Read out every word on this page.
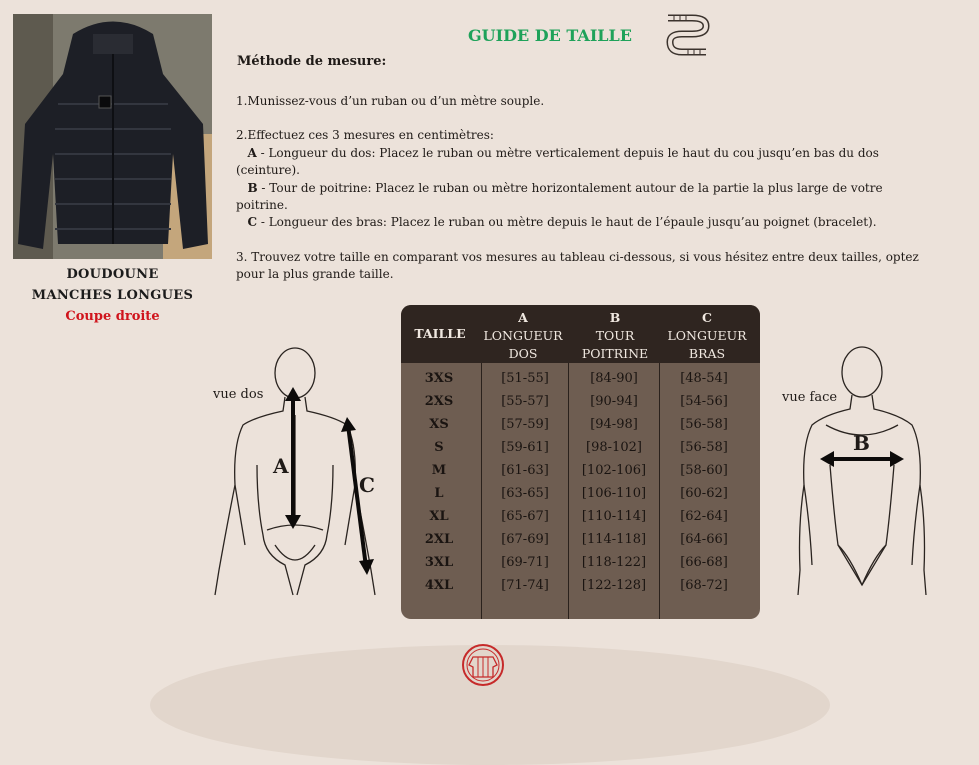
DOUDOUNE
MANCHES LONGUES
Coupe droite
GUIDE DE TAILLE
Méthode de mesure:
1.Munissez-vous d’un ruban ou d’un mètre souple.
2.Effectuez ces 3 mesures en centimètres:
A - Longueur du dos: Placez le ruban ou mètre verticalement depuis le haut du cou jusqu’en bas du dos
(ceinture).
B - Tour de poitrine: Placez le ruban ou mètre horizontalement autour de la partie la plus large de votre
poitrine.
C - Longueur des bras: Placez le ruban ou mètre depuis le haut de l’épaule jusqu’au poignet (bracelet).
3. Trouvez votre taille en comparant vos mesures au tableau ci-dessous, si vous hésitez entre deux tailles, optez
pour la plus grande taille.
TAILLE
A
LONGUEUR
DOS
B
TOUR
POITRINE
C
LONGUEUR
BRAS
3XS	[51-55]	[84-90]	[48-54]
2XS	[55-57]	[90-94]	[54-56]
XS	[57-59]	[94-98]	[56-58]
S	[59-61]	[98-102]	[56-58]
M	[61-63]	[102-106]	[58-60]
L	[63-65]	[106-110]	[60-62]
XL	[65-67]	[110-114]	[62-64]
2XL	[67-69]	[114-118]	[64-66]
3XL	[69-71]	[118-122]	[66-68]
4XL	[71-74]	[122-128]	[68-72]
vue dos
A
C
vue face
B
